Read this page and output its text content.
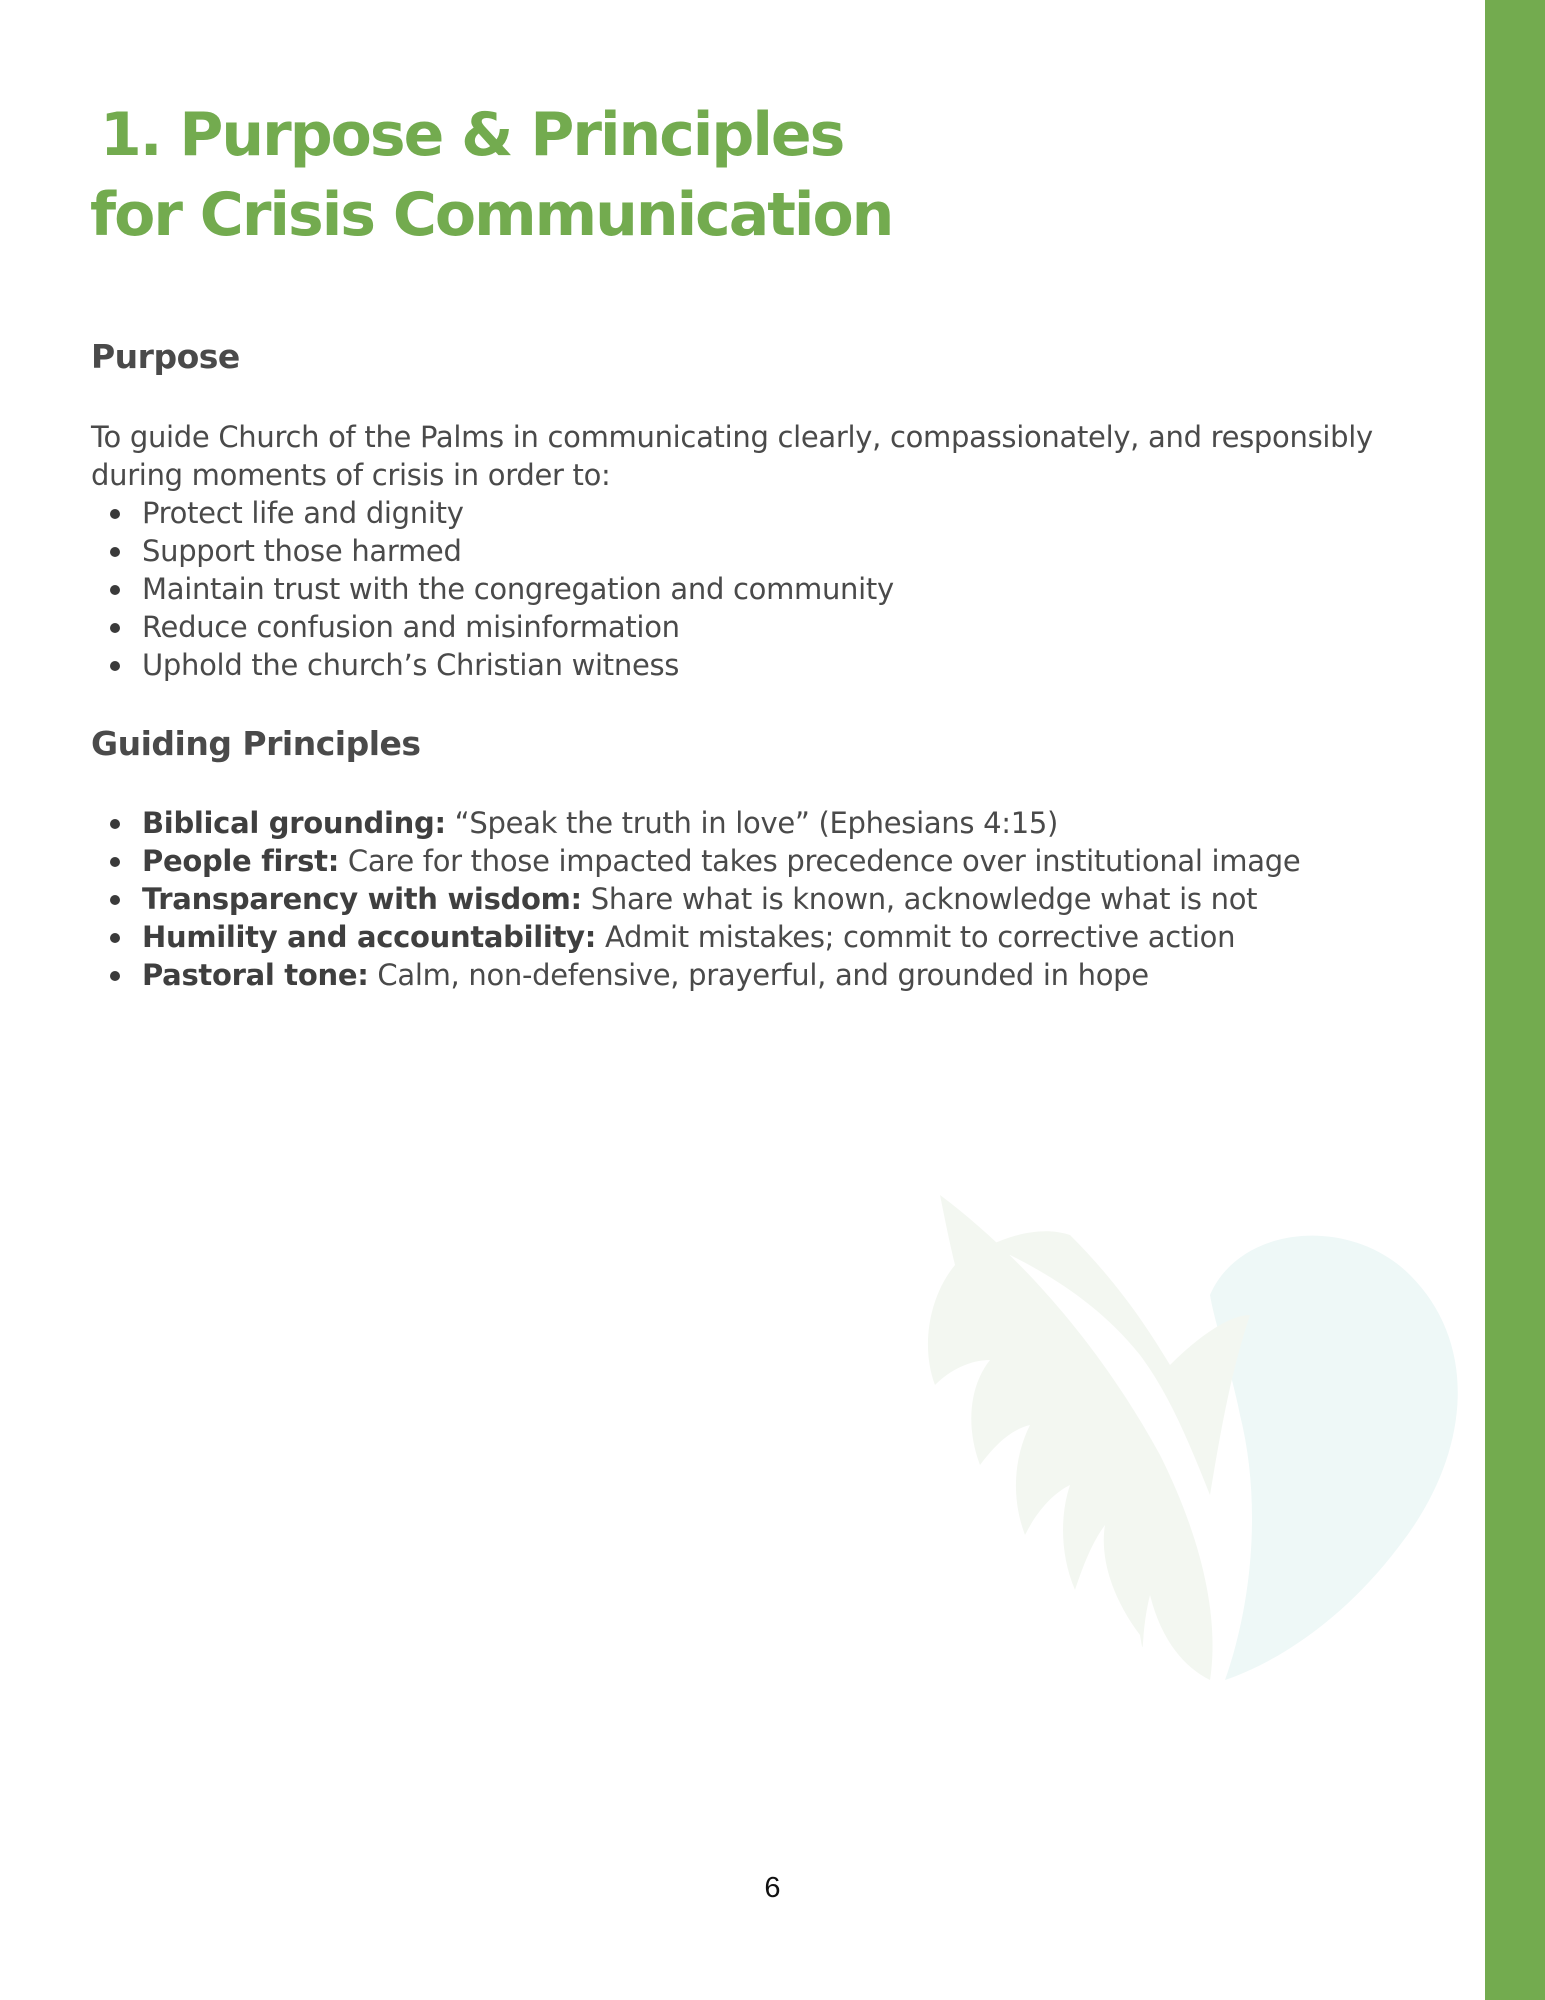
1. Purpose & Principles
for Crisis Communication
Purpose
To guide Church of the Palms in communicating clearly, compassionately, and responsibly during moments of crisis in order to:
Protect life and dignity
Support those harmed
Maintain trust with the congregation and community
Reduce confusion and misinformation
Uphold the church’s Christian witness
Guiding Principles
Biblical grounding: “Speak the truth in love” (Ephesians 4:15)
People first: Care for those impacted takes precedence over institutional image
Transparency with wisdom: Share what is known, acknowledge what is not
Humility and accountability: Admit mistakes; commit to corrective action
Pastoral tone: Calm, non-defensive, prayerful, and grounded in hope
6
